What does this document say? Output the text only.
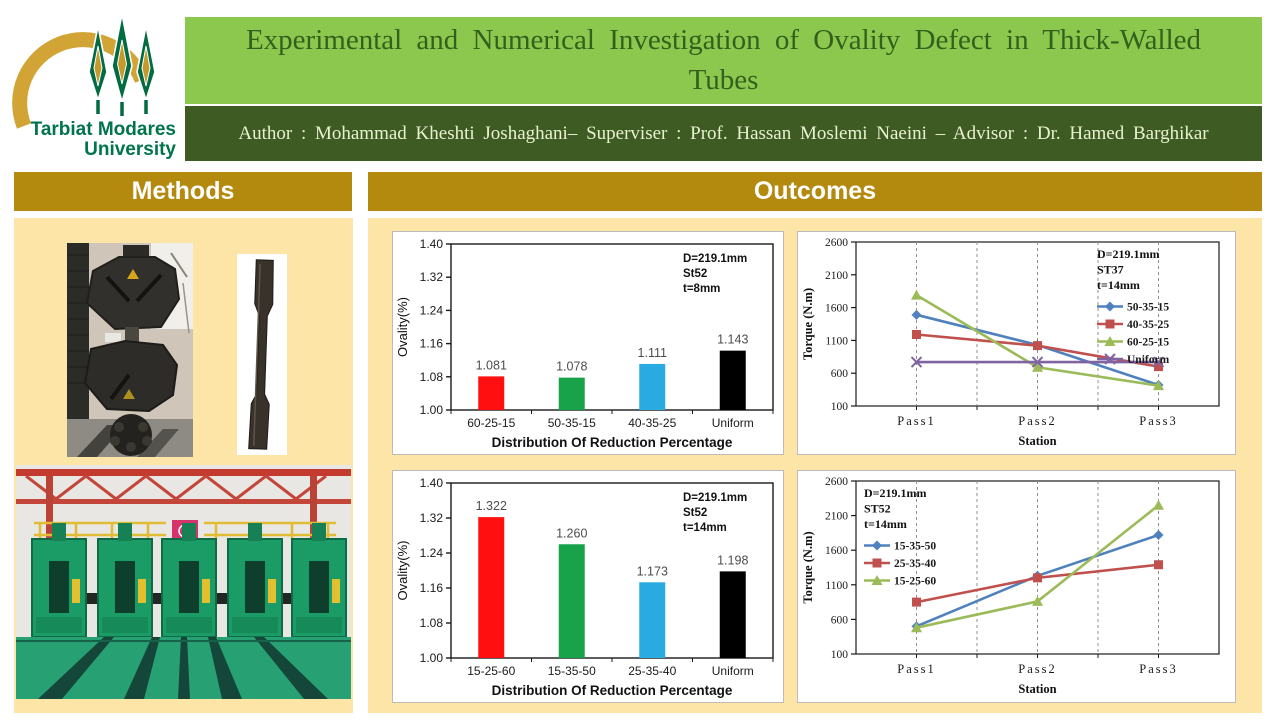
Tarbiat Modares
University
Experimental and Numerical Investigation of Ovality Defect in Thick-Walled Tubes
Author : Mohammad Kheshti Joshaghani– Superviser : Prof. Hassan Moslemi Naeini – Advisor : Dr. Hamed Barghikar
Methods	Outcomes
1.00
1.08
1.16
1.24
1.32
1.40
1.081
60-25-15
1.078
50-35-15
1.111
40-35-25
1.143
Uniform
Distribution Of Reduction Percentage
Ovality(%)
D=219.1mm
St52
t=8mm
100
600
1100
1600
2100
2600
Pass1	Pass2	Pass3
Station
Torque (N.m)
D=219.1mm
ST37
t=14mm
50-35-15
40-35-25
60-25-15
Uniform
1.00
1.08
1.16
1.24
1.32
1.40
1.322
15-25-60
1.260
15-35-50
1.173
25-35-40
1.198
Uniform
Distribution Of Reduction Percentage
Ovality(%)
D=219.1mm
St52
t=14mm
100
600
1100
1600
2100
2600
Pass1	Pass2	Pass3
Station
Torque (N.m)
D=219.1mm
ST52
t=14mm
15-35-50
25-35-40
15-25-60
